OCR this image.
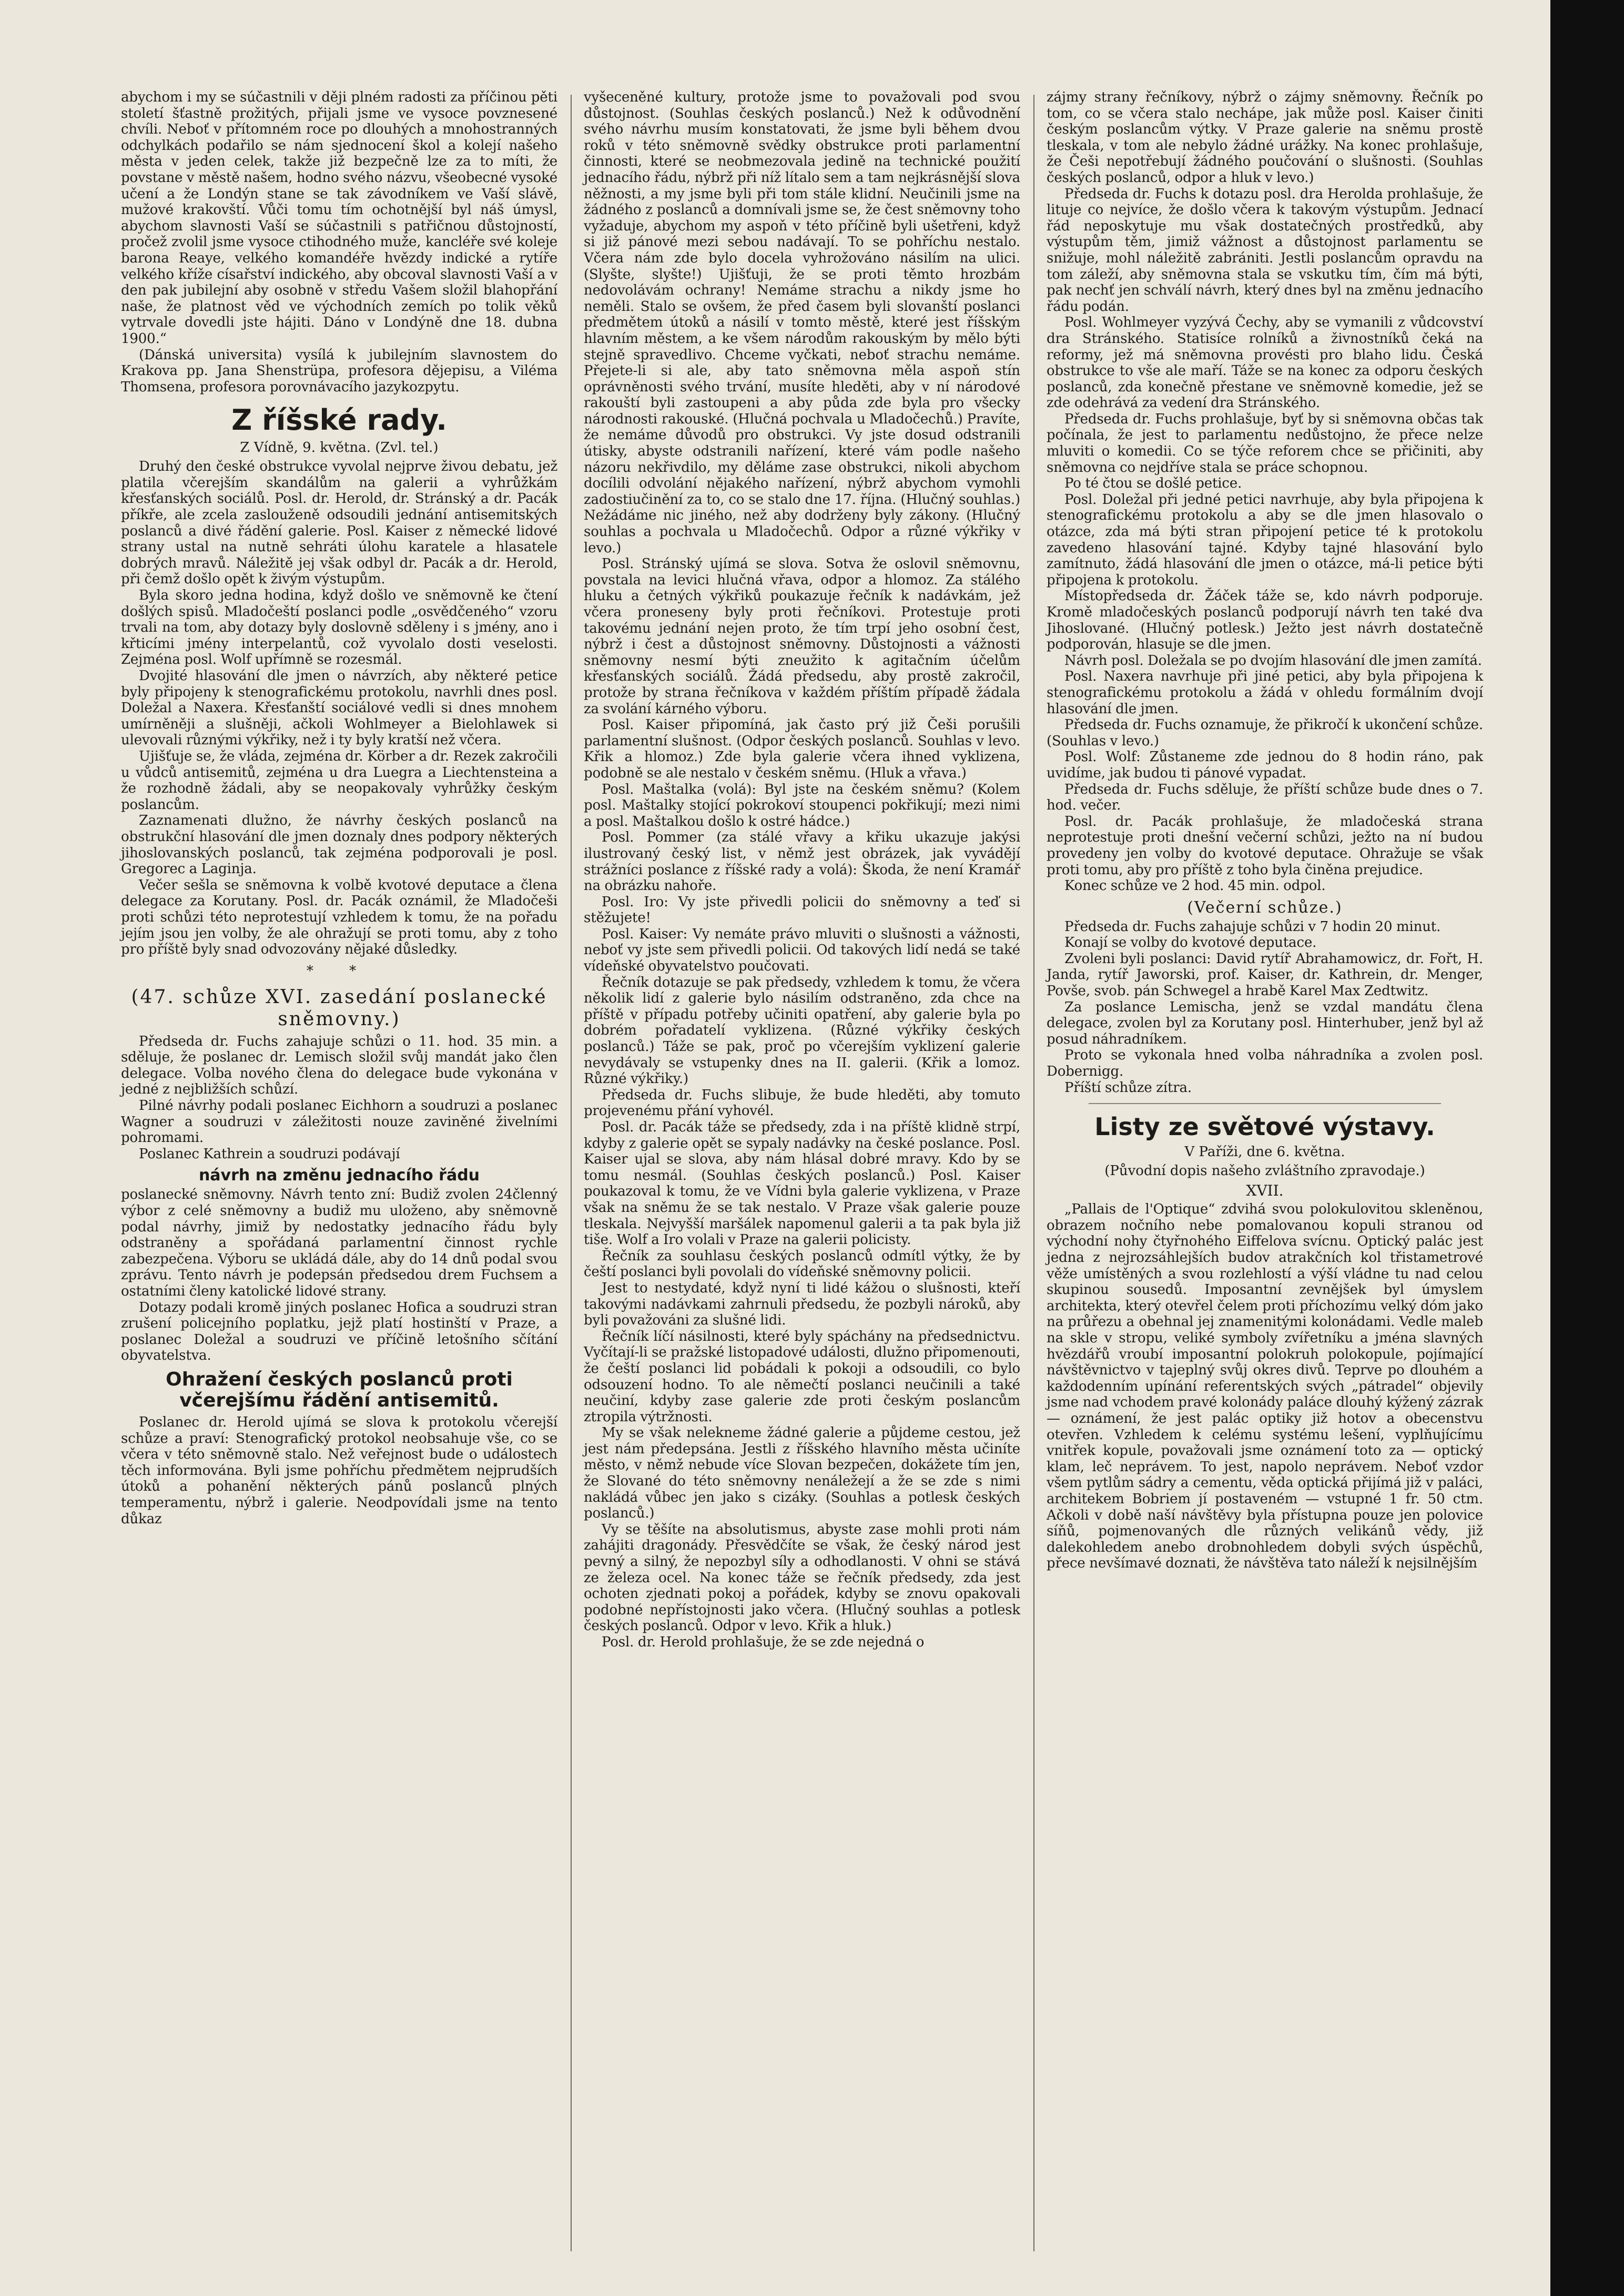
abychom i my se súčastnili v ději plném radosti za příčinou pěti století šťastně prožitých, přijali jsme ve vysoce povznesené chvíli. Neboť v přítomném roce po dlouhých a mnohostranných odchylkách podařilo se nám sjednocení škol a kolejí našeho města v jeden celek, takže již bezpečně lze za to míti, že povstane v městě našem, hodno svého názvu, všeobecné vysoké učení a že Londýn stane se tak závodníkem ve Vaší slávě, mužové krakovští. Vůči tomu tím ochotnější byl náš úmysl, abychom slavnosti Vaší se súčastnili s patřičnou důstojností, pročež zvolil jsme vysoce ctihodného muže, kancléře své koleje barona Reaye, velkého komandéře hvězdy indické a rytíře velkého kříže císařství indického, aby obcoval slavnosti Vaší a v den pak jubilejní aby osobně v středu Vašem složil blahopřání naše, že platnost věd ve východních zemích po tolik věků vytrvale dovedli jste hájiti. Dáno v Londýně dne 18. dubna 1900.“

(Dánská universita) vysílá k jubilejním slavnostem do Krakova pp. Jana Shenstrüpa, profesora dějepisu, a Viléma Thomsena, profesora porovnávacího jazykozpytu.

Z říšské rady.
Z Vídně, 9. května. (Zvl. tel.)

Druhý den české obstrukce vyvolal nejprve živou debatu, jež platila včerejším skandálům na galerii a vyhrůžkám křesťanských sociálů. Posl. dr. Herold, dr. Stránský a dr. Pacák příkře, ale zcela zaslouženě odsoudili jednání antisemitských poslanců a divé řádění galerie. Posl. Kaiser z německé lidové strany ustal na nutně sehráti úlohu karatele a hlasatele dobrých mravů. Náležitě jej však odbyl dr. Pacák a dr. Herold, při čemž došlo opět k živým výstupům.

Byla skoro jedna hodina, když došlo ve sněmovně ke čtení došlých spisů. Mladočeští poslanci podle „osvědčeného“ vzoru trvali na tom, aby dotazy byly doslovně sděleny i s jmény, ano i křticími jmény interpelantů, což vyvolalo dosti veselosti. Zejména posl. Wolf upřímně se rozesmál.

Dvojité hlasování dle jmen o návrzích, aby některé petice byly připojeny k stenografickému protokolu, navrhli dnes posl. Doležal a Naxera. Křesťanští sociálové vedli si dnes mnohem umírněněji a slušněji, ačkoli Wohlmeyer a Bielohlawek si ulevovali různými výkřiky, než i ty byly kratší než včera.

Ujišťuje se, že vláda, zejména dr. Körber a dr. Rezek zakročili u vůdců antisemitů, zejména u dra Luegra a Liechtensteina a že rozhodně žádali, aby se neopakovaly vyhrůžky českým poslancům.

Zaznamenati dlužno, že návrhy českých poslanců na obstrukční hlasování dle jmen doznaly dnes podpory některých jihoslovanských poslanců, tak zejména podporovali je posl. Gregorec a Laginja.

Večer sešla se sněmovna k volbě kvotové deputace a člena delegace za Korutany. Posl. dr. Pacák oznámil, že Mladočeši proti schůzi této neprotestují vzhledem k tomu, že na pořadu jejím jsou jen volby, že ale ohražují se proti tomu, aby z toho pro příště byly snad odvozovány nějaké důsledky.

* *
(47. schůze XVI. zasedání poslanecké sněmovny.)

Předseda dr. Fuchs zahajuje schůzi o 11. hod. 35 min. a sděluje, že poslanec dr. Lemisch složil svůj mandát jako člen delegace. Volba nového člena do delegace bude vykonána v jedné z nejbližších schůzí.

Pilné návrhy podali poslanec Eichhorn a soudruzi a poslanec Wagner a soudruzi v záležitosti nouze zaviněné živelními pohromami.

Poslanec Kathrein a soudruzi podávají

návrh na změnu jednacího řádu

poslanecké sněmovny. Návrh tento zní: Budiž zvolen 24členný výbor z celé sněmovny a budiž mu uloženo, aby sněmovně podal návrhy, jimiž by nedostatky jednacího řádu byly odstraněny a spořádaná parlamentní činnost rychle zabezpečena. Výboru se ukládá dále, aby do 14 dnů podal svou zprávu. Tento návrh je podepsán předsedou drem Fuchsem a ostatními členy katolické lidové strany.

Dotazy podali kromě jiných poslanec Hofica a soudruzi stran zrušení policejního poplatku, jejž platí hostinští v Praze, a poslanec Doležal a soudruzi ve příčině letošního sčítání obyvatelstva.

Ohražení českých poslanců proti včerejšímu řádění antisemitů.

Poslanec dr. Herold ujímá se slova k protokolu včerejší schůze a praví: Stenografický protokol neobsahuje vše, co se včera v této sněmovně stalo. Než veřejnost bude o událostech těch informována. Byli jsme pohříchu předmětem nejprudších útoků a pohanění některých pánů poslanců plných temperamentu, nýbrž i galerie. Neodpovídali jsme na tento důkaz

vyšeceněné kultury, protože jsme to považovali pod svou důstojnost. (Souhlas českých poslanců.) Než k odůvodnění svého návrhu musím konstatovati, že jsme byli během dvou roků v této sněmovně svědky obstrukce proti parlamentní činnosti, které se neobmezovala jedině na technické použití jednacího řádu, nýbrž při níž lítalo sem a tam nejkrásnější slova něžnosti, a my jsme byli při tom stále klidní. Neučinili jsme na žádného z poslanců a domnívali jsme se, že čest sněmovny toho vyžaduje, abychom my aspoň v této příčině byli ušetřeni, když si již pánové mezi sebou nadávají. To se pohříchu nestalo. Včera nám zde bylo docela vyhrožováno násilím na ulici. (Slyšte, slyšte!) Ujišťuji, že se proti těmto hrozbám nedovolávám ochrany! Nemáme strachu a nikdy jsme ho neměli. Stalo se ovšem, že před časem byli slovanští poslanci předmětem útoků a násilí v tomto městě, které jest říšským hlavním městem, a ke všem národům rakouským by mělo býti stejně spravedlivo. Chceme vyčkati, neboť strachu nemáme. Přejete-li si ale, aby tato sněmovna měla aspoň stín oprávněnosti svého trvání, musíte hleděti, aby v ní národové rakouští byli zastoupeni a aby půda zde byla pro všecky národnosti rakouské. (Hlučná pochvala u Mladočechů.) Pravíte, že nemáme důvodů pro obstrukci. Vy jste dosud odstranili útisky, abyste odstranili nařízení, které vám podle našeho názoru nekřivdilo, my děláme zase obstrukci, nikoli abychom docílili odvolání nějakého nařízení, nýbrž abychom vymohli zadostiučinění za to, co se stalo dne 17. října. (Hlučný souhlas.) Nežádáme nic jiného, než aby dodrženy byly zákony. (Hlučný souhlas a pochvala u Mladočechů. Odpor a různé výkřiky v levo.)

Posl. Stránský ujímá se slova. Sotva že oslovil sněmovnu, povstala na levici hlučná vřava, odpor a hlomoz. Za stálého hluku a četných výkřiků poukazuje řečník k nadávkám, jež včera proneseny byly proti řečníkovi. Protestuje proti takovému jednání nejen proto, že tím trpí jeho osobní čest, nýbrž i čest a důstojnost sněmovny. Důstojnosti a vážnosti sněmovny nesmí býti zneužito k agitačním účelům křesťanských sociálů. Žádá předsedu, aby prostě zakročil, protože by strana řečníkova v každém příštím případě žádala za svolání kárného výboru.

Posl. Kaiser připomíná, jak často prý již Češi porušili parlamentní slušnost. (Odpor českých poslanců. Souhlas v levo. Křik a hlomoz.) Zde byla galerie včera ihned vyklizena, podobně se ale nestalo v českém sněmu. (Hluk a vřava.)

Posl. Maštalka (volá): Byl jste na českém sněmu? (Kolem posl. Maštalky stojící pokrokoví stoupenci pokřikují; mezi nimi a posl. Maštalkou došlo k ostré hádce.)

Posl. Pommer (za stálé vřavy a křiku ukazuje jakýsi ilustrovaný český list, v němž jest obrázek, jak vyvádějí strážníci poslance z říšské rady a volá): Škoda, že není Kramář na obrázku nahoře.

Posl. Iro: Vy jste přivedli policii do sněmovny a teď si stěžujete!

Posl. Kaiser: Vy nemáte právo mluviti o slušnosti a vážnosti, neboť vy jste sem přivedli policii. Od takových lidí nedá se také vídeňské obyvatelstvo poučovati.

Řečník dotazuje se pak předsedy, vzhledem k tomu, že včera několik lidí z galerie bylo násilím odstraněno, zda chce na příště v případu potřeby učiniti opatření, aby galerie byla po dobrém pořadatelí vyklizena. (Různé výkřiky českých poslanců.) Táže se pak, proč po včerejším vyklizení galerie nevydávaly se vstupenky dnes na II. galerii. (Křik a lomoz. Různé výkřiky.)

Předseda dr. Fuchs slibuje, že bude hleděti, aby tomuto projevenému přání vyhovél.

Posl. dr. Pacák táže se předsedy, zda i na příště klidně strpí, kdyby z galerie opět se sypaly nadávky na české poslance. Posl. Kaiser ujal se slova, aby nám hlásal dobré mravy. Kdo by se tomu nesmál. (Souhlas českých poslanců.) Posl. Kaiser poukazoval k tomu, že ve Vídni byla galerie vyklizena, v Praze však na sněmu že se tak nestalo. V Praze však galerie pouze tleskala. Nejvyšší maršálek napomenul galerii a ta pak byla již tiše. Wolf a Iro volali v Praze na galerii policisty.

Řečník za souhlasu českých poslanců odmítl výtky, že by čeští poslanci byli povolali do vídeňské sněmovny policii.

Jest to nestydaté, když nyní ti lidé kážou o slušnosti, kteří takovými nadávkami zahrnuli předsedu, že pozbyli nároků, aby byli považováni za slušné lidi.

Řečník líčí násilnosti, které byly spáchány na předsednictvu. Vyčítají-li se pražské listopadové události, dlužno připomenouti, že čeští poslanci lid pobádali k pokoji a odsoudili, co bylo odsouzení hodno. To ale němečtí poslanci neučinili a také neučiní, kdyby zase galerie zde proti českým poslancům ztropila výtržnosti.

My se však nelekneme žádné galerie a půjdeme cestou, jež jest nám předepsána. Jestli z říšského hlavního města učiníte město, v němž nebude více Slovan bezpečen, dokážete tím jen, že Slované do této sněmovny nenáležejí a že se zde s nimi nakládá vůbec jen jako s cizáky. (Souhlas a potlesk českých poslanců.)

Vy se těšíte na absolutismus, abyste zase mohli proti nám zahájiti dragonády. Přesvědčíte se však, že český národ jest pevný a silný, že nepozbyl síly a odhodlanosti. V ohni se stává ze železa ocel. Na konec táže se řečník předsedy, zda jest ochoten zjednati pokoj a pořádek, kdyby se znovu opakovali podobné nepřístojnosti jako včera. (Hlučný souhlas a potlesk českých poslanců. Odpor v levo. Křik a hluk.)

Posl. dr. Herold prohlašuje, že se zde nejedná o

zájmy strany řečníkovy, nýbrž o zájmy sněmovny. Řečník po tom, co se včera stalo nechápe, jak může posl. Kaiser činiti českým poslancům výtky. V Praze galerie na sněmu prostě tleskala, v tom ale nebylo žádné urážky. Na konec prohlašuje, že Češi nepotřebují žádného poučování o slušnosti. (Souhlas českých poslanců, odpor a hluk v levo.)

Předseda dr. Fuchs k dotazu posl. dra Herolda prohlašuje, že lituje co nejvíce, že došlo včera k takovým výstupům. Jednací řád neposkytuje mu však dostatečných prostředků, aby výstupům těm, jimiž vážnost a důstojnost parlamentu se snižuje, mohl náležitě zabrániti. Jestli poslancům opravdu na tom záleží, aby sněmovna stala se vskutku tím, čím má býti, pak nechť jen schválí návrh, který dnes byl na změnu jednacího řádu podán.

Posl. Wohlmeyer vyzývá Čechy, aby se vymanili z vůdcovství dra Stránského. Statisíce rolníků a živnostníků čeká na reformy, jež má sněmovna provésti pro blaho lidu. Česká obstrukce to vše ale maří. Táže se na konec za odporu českých poslanců, zda konečně přestane ve sněmovně komedie, jež se zde odehrává za vedení dra Stránského.

Předseda dr. Fuchs prohlašuje, byť by si sněmovna občas tak počínala, že jest to parlamentu nedůstojno, že přece nelze mluviti o komedii. Co se týče reforem chce se přičiniti, aby sněmovna co nejdříve stala se práce schopnou.

Po té čtou se došlé petice.

Posl. Doležal při jedné petici navrhuje, aby byla připojena k stenografickému protokolu a aby se dle jmen hlasovalo o otázce, zda má býti stran připojení petice té k protokolu zavedeno hlasování tajné. Kdyby tajné hlasování bylo zamítnuto, žádá hlasování dle jmen o otázce, má-li petice býti připojena k protokolu.

Místopředseda dr. Žáček táže se, kdo návrh podporuje. Kromě mladočeských poslanců podporují návrh ten také dva Jihoslované. (Hlučný potlesk.) Ježto jest návrh dostatečně podporován, hlasuje se dle jmen.

Návrh posl. Doležala se po dvojím hlasování dle jmen zamítá.

Posl. Naxera navrhuje při jiné petici, aby byla připojena k stenografickému protokolu a žádá v ohledu formálním dvojí hlasování dle jmen.

Předseda dr. Fuchs oznamuje, že přikročí k ukončení schůze. (Souhlas v levo.)

Posl. Wolf: Zůstaneme zde jednou do 8 hodin ráno, pak uvidíme, jak budou ti pánové vypadat.

Předseda dr. Fuchs sděluje, že příští schůze bude dnes o 7. hod. večer.

Posl. dr. Pacák prohlašuje, že mladočeská strana neprotestuje proti dnešní večerní schůzi, ježto na ní budou provedeny jen volby do kvotové deputace. Ohražuje se však proti tomu, aby pro příště z toho byla činěna prejudice.

Konec schůze ve 2 hod. 45 min. odpol.

(Večerní schůze.)

Předseda dr. Fuchs zahajuje schůzi v 7 hodin 20 minut.

Konají se volby do kvotové deputace.

Zvoleni byli poslanci: David rytíř Abrahamowicz, dr. Fořt, H. Janda, rytíř Jaworski, prof. Kaiser, dr. Kathrein, dr. Menger, Povše, svob. pán Schwegel a hrabě Karel Max Zedtwitz.

Za poslance Lemischa, jenž se vzdal mandátu člena delegace, zvolen byl za Korutany posl. Hinterhuber, jenž byl až posud náhradníkem.

Proto se vykonala hned volba náhradníka a zvolen posl. Dobernigg.

Příští schůze zítra.

Listy ze světové výstavy.
V Paříži, dne 6. května.
(Původní dopis našeho zvláštního zpravodaje.)
XVII.

„Pallais de l'Optique“ zdvihá svou polokulovitou skleněnou, obrazem nočního nebe pomalovanou kopuli stranou od východní nohy čtyřnohého Eiffelova svícnu. Optický palác jest jedna z nejrozsáhlejších budov atrakčních kol třistametrové věže umístěných a svou rozlehlostí a výší vládne tu nad celou skupinou sousedů. Imposantní zevnějšek byl úmyslem architekta, který otevřel čelem proti příchozímu velký dóm jako na průřezu a obehnal jej znamenitými kolonádami. Vedle maleb na skle v stropu, veliké symboly zvířetníku a jména slavných hvězdářů vroubí imposantní polokruh polokopule, pojímající návštěvnictvo v tajeplný svůj okres divů. Teprve po dlouhém a každodenním upínání referentských svých „pátradel“ objevily jsme nad vchodem pravé kolonády paláce dlouhý kýžený zázrak — oznámení, že jest palác optiky již hotov a obecenstvu otevřen. Vzhledem k celému systému lešení, vyplňujícímu vnitřek kopule, považovali jsme oznámení toto za — optický klam, leč neprávem. To jest, napolo neprávem. Neboť vzdor všem pytlům sádry a cementu, věda optická přijímá již v paláci, architekem Bobriem jí postaveném — vstupné 1 fr. 50 ctm. Ačkoli v době naší návštěvy byla přístupna pouze jen polovice síňů, pojmenovaných dle různých velikánů vědy, již dalekohledem anebo drobnohledem dobyli svých úspěchů, přece nevšímavé doznati, že návštěva tato náleží k nejsilnějším
